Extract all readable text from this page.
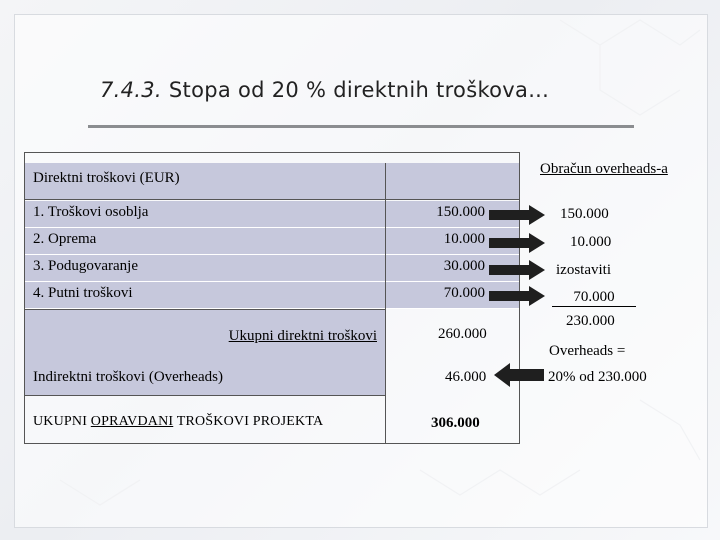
7.4.3. Stopa od 20 % direktnih troškova...
Direktni troškovi (EUR)
1. Troškovi osoblja	150.000
2. Oprema	10.000
3. Podugovaranje	30.000
4. Putni troškovi	70.000
Ukupni direktni troškovi	260.000
Indirektni troškovi (Overheads)	46.000
UKUPNI OPRAVDANI TROŠKOVI PROJEKTA	306.000
Obračun overheads-a
150.000
10.000
izostaviti
70.000
230.000
Overheads =
20% od 230.000
